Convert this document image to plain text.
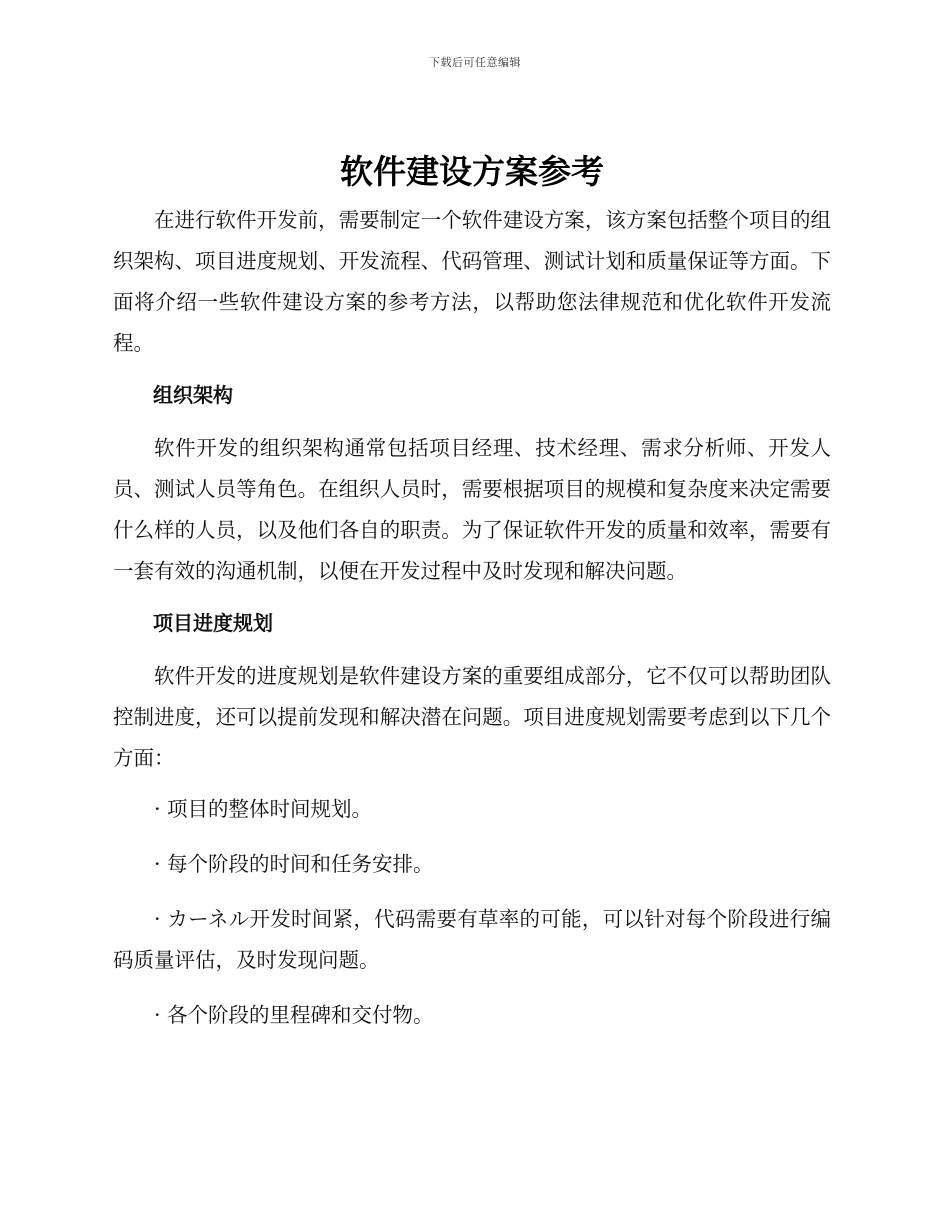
下载后可任意编辑
软件建设方案参考

在进行软件开发前，需要制定一个软件建设方案，该方案包括整个项目的组织架构、项目进度规划、开发流程、代码管理、测试计划和质量保证等方面。下面将介绍一些软件建设方案的参考方法，以帮助您法律规范和优化软件开发流程。

组织架构

软件开发的组织架构通常包括项目经理、技术经理、需求分析师、开发人员、测试人员等角色。在组织人员时，需要根据项目的规模和复杂度来决定需要什么样的人员，以及他们各自的职责。为了保证软件开发的质量和效率，需要有一套有效的沟通机制，以便在开发过程中及时发现和解决问题。

项目进度规划

软件开发的进度规划是软件建设方案的重要组成部分，它不仅可以帮助团队控制进度，还可以提前发现和解决潜在问题。项目进度规划需要考虑到以下几个方面：

· 项目的整体时间规划。

· 每个阶段的时间和任务安排。

· カーネル开发时间紧，代码需要有草率的可能，可以针对每个阶段进行编码质量评估，及时发现问题。

· 各个阶段的里程碑和交付物。
